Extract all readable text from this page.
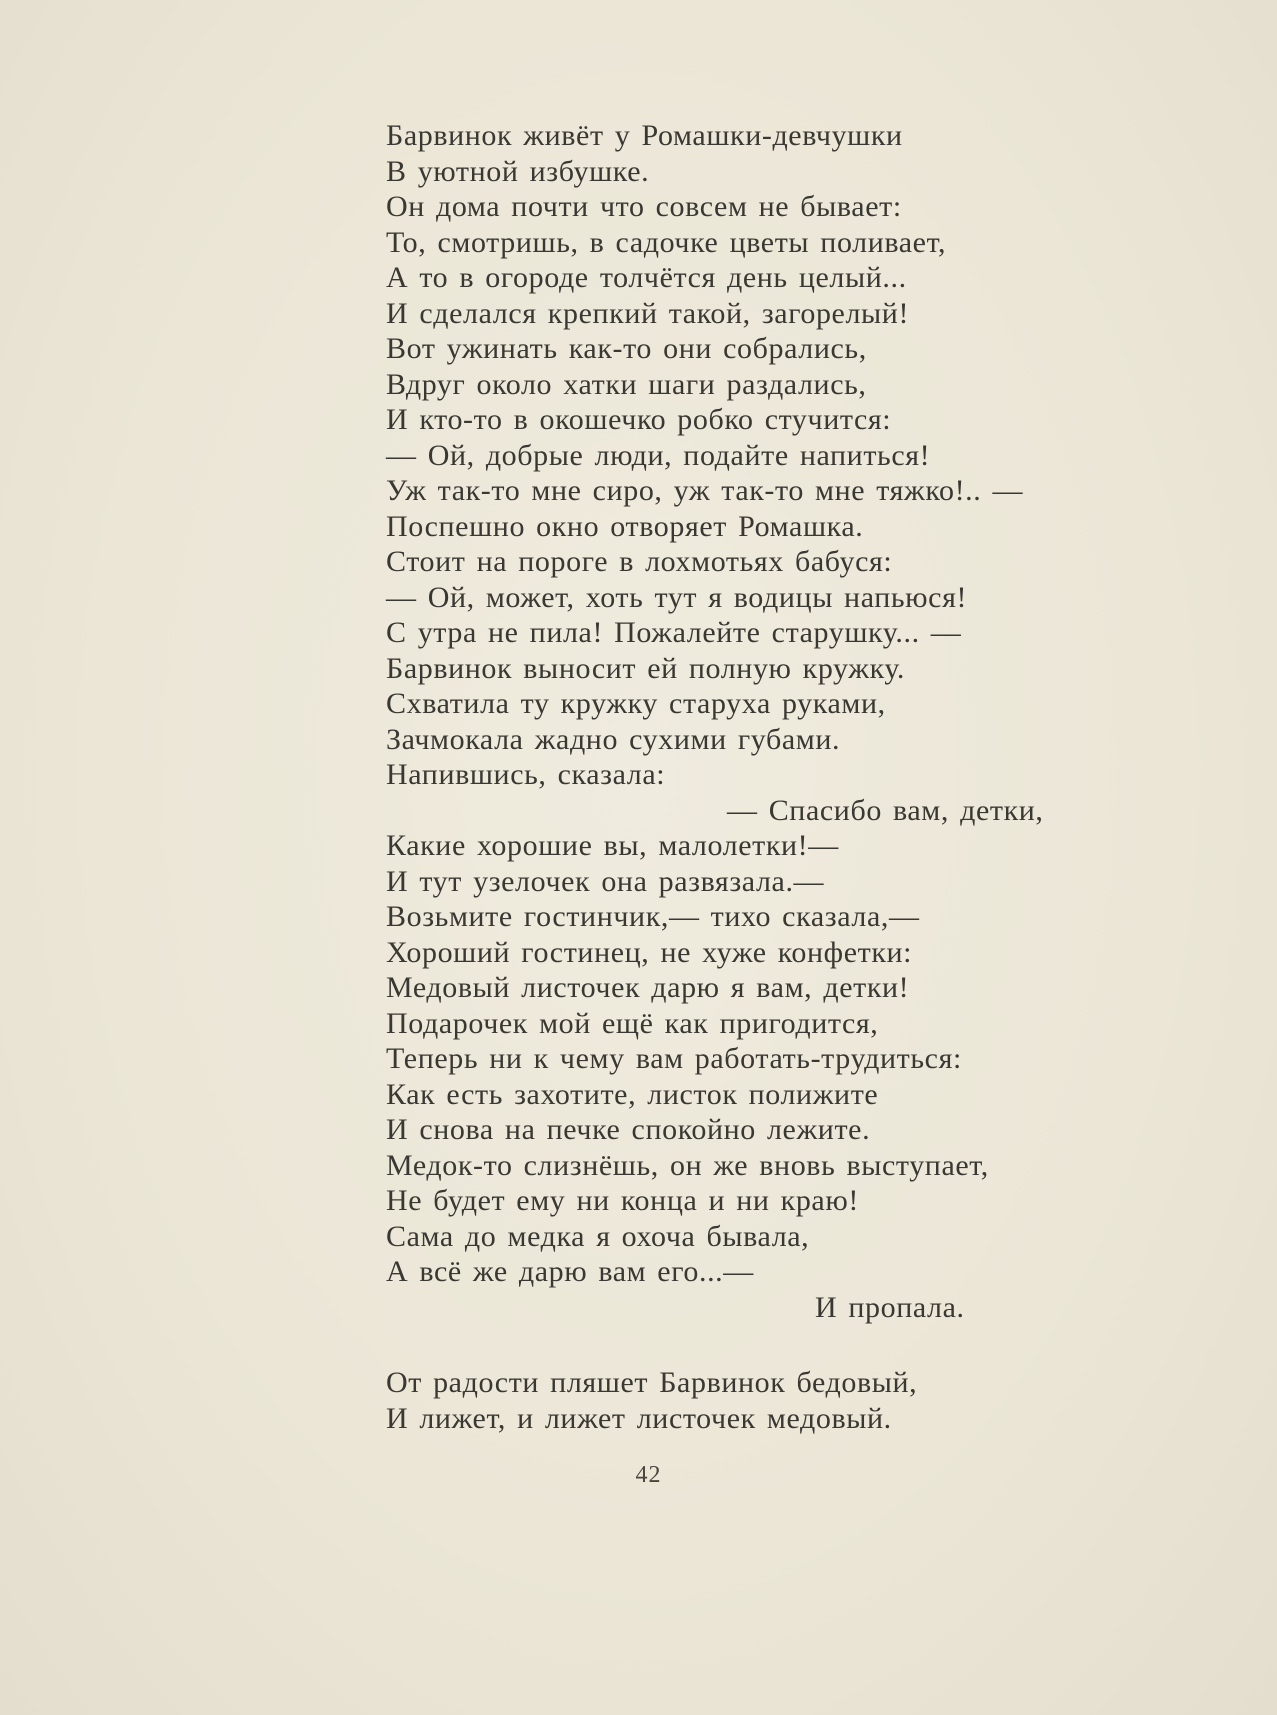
Барвинок живёт у Ромашки-девчушки
В уютной избушке.
Он дома почти что совсем не бывает:
То, смотришь, в садочке цветы поливает,
А то в огороде толчётся день целый...
И сделался крепкий такой, загорелый!
Вот ужинать как-то они собрались,
Вдруг около хатки шаги раздались,
И кто-то в окошечко робко стучится:
— Ой, добрые люди, подайте напиться!
Уж так-то мне сиро, уж так-то мне тяжко!.. —
Поспешно окно отворяет Ромашка.
Стоит на пороге в лохмотьях бабуся:
— Ой, может, хоть тут я водицы напьюся!
С утра не пила! Пожалейте старушку... —
Барвинок выносит ей полную кружку.
Схватила ту кружку старуха руками,
Зачмокала жадно сухими губами.
Напившись, сказала:
— Спасибо вам, детки,
Какие хорошие вы, малолетки!—
И тут узелочек она развязала.—
Возьмите гостинчик,— тихо сказала,—
Хороший гостинец, не хуже конфетки:
Медовый листочек дарю я вам, детки!
Подарочек мой ещё как пригодится,
Теперь ни к чему вам работать-трудиться:
Как есть захотите, листок полижите
И снова на печке спокойно лежите.
Медок-то слизнёшь, он же вновь выступает,
Не будет ему ни конца и ни краю!
Сама до медка я охоча бывала,
А всё же дарю вам его...—
И пропала.
От радости пляшет Барвинок бедовый,
И лижет, и лижет листочек медовый.
42
